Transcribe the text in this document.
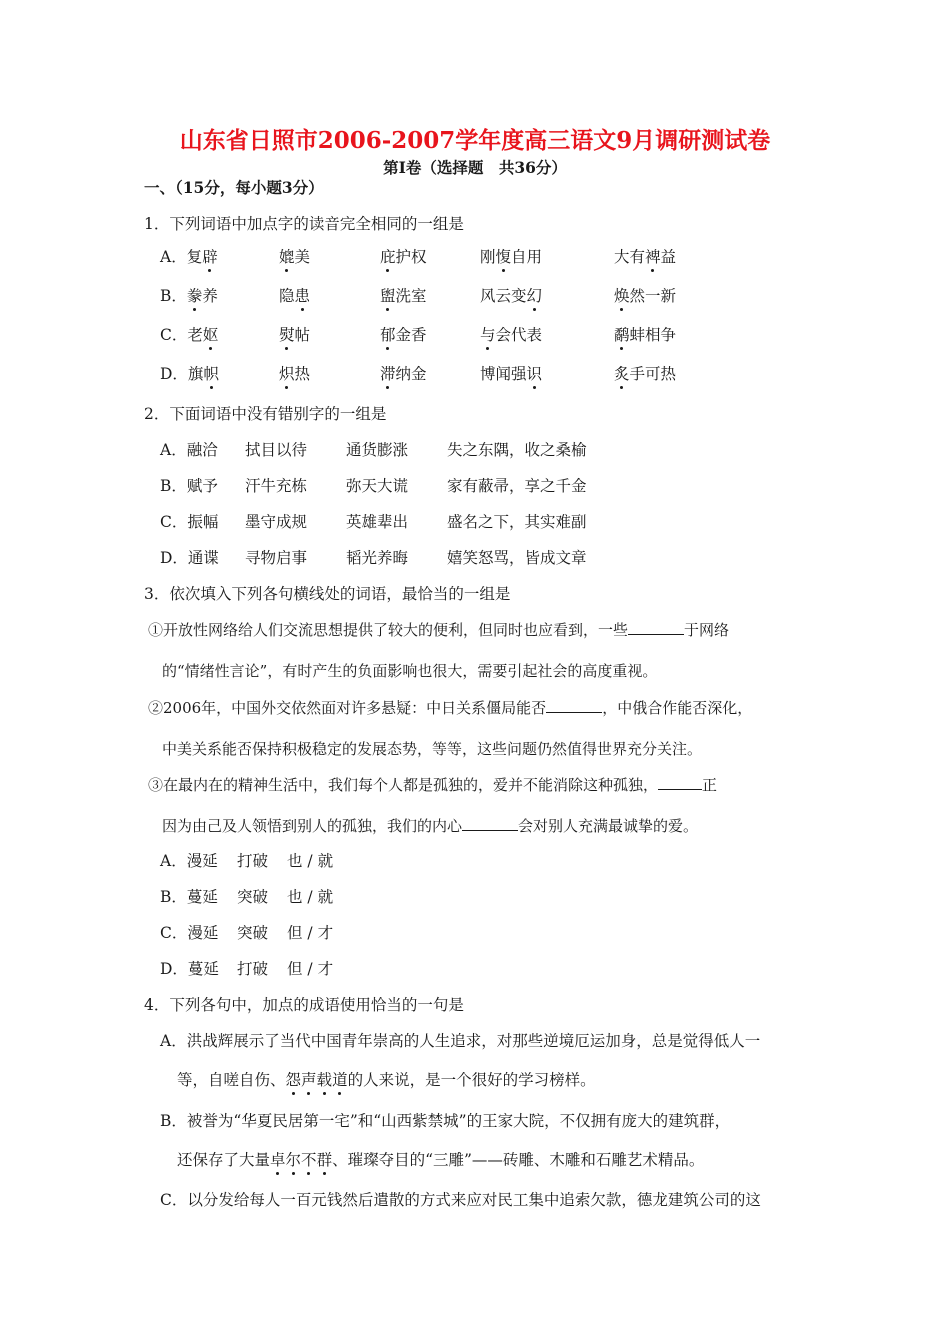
山东省日照市2006-2007学年度高三语文9月调研测试卷
第Ⅰ卷（选择题　共36分）
一、（15分，每小题3分）
1．下列词语中加点字的读音完全相同的一组是
A．复辟	媲美	庇护权	刚愎自用	大有裨益
B．豢养	隐患	盥洗室	风云变幻	焕然一新
C．老妪	熨帖	郁金香	与会代表	鹬蚌相争
D．旗帜	炽热	滞纳金	博闻强识	炙手可热
2．下面词语中没有错别字的一组是
A．融洽 拭目以待	通货膨涨	失之东隅，收之桑榆
B．赋予 汗牛充栋	弥天大谎	家有蔽帚，享之千金
C．振幅 墨守成规	英雄辈出	盛名之下，其实难副
D．通谍 寻物启事	韬光养晦	嬉笑怒骂，皆成文章
3．依次填入下列各句横线处的词语，最恰当的一组是
①开放性网络给人们交流思想提供了较大的便利，但同时也应看到，一些	于网络
的“情绪性言论”，有时产生的负面影响也很大，需要引起社会的高度重视。
②2006年，中国外交依然面对许多悬疑：中日关系僵局能否	，中俄合作能否深化，
中美关系能否保持积极稳定的发展态势，等等，这些问题仍然值得世界充分关注。
③在最内在的精神生活中，我们每个人都是孤独的，爱并不能消除这种孤独，	正
因为由己及人领悟到别人的孤独，我们的内心	会对别人充满最诚挚的爱。
A．漫延 打破 也 / 就
B．蔓延 突破 也 / 就
C．漫延 突破 但 / 才
D．蔓延 打破 但 / 才
4．下列各句中，加点的成语使用恰当的一句是
A．洪战辉展示了当代中国青年崇高的人生追求，对那些逆境厄运加身，总是觉得低人一
等，自嗟自伤、怨声载道的人来说，是一个很好的学习榜样。
B．被誉为“华夏民居第一宅”和“山西紫禁城”的王家大院，不仅拥有庞大的建筑群，
还保存了大量卓尔不群、璀璨夺目的“三雕”——砖雕、木雕和石雕艺术精品。
C．以分发给每人一百元钱然后遣散的方式来应对民工集中追索欠款，德龙建筑公司的这
